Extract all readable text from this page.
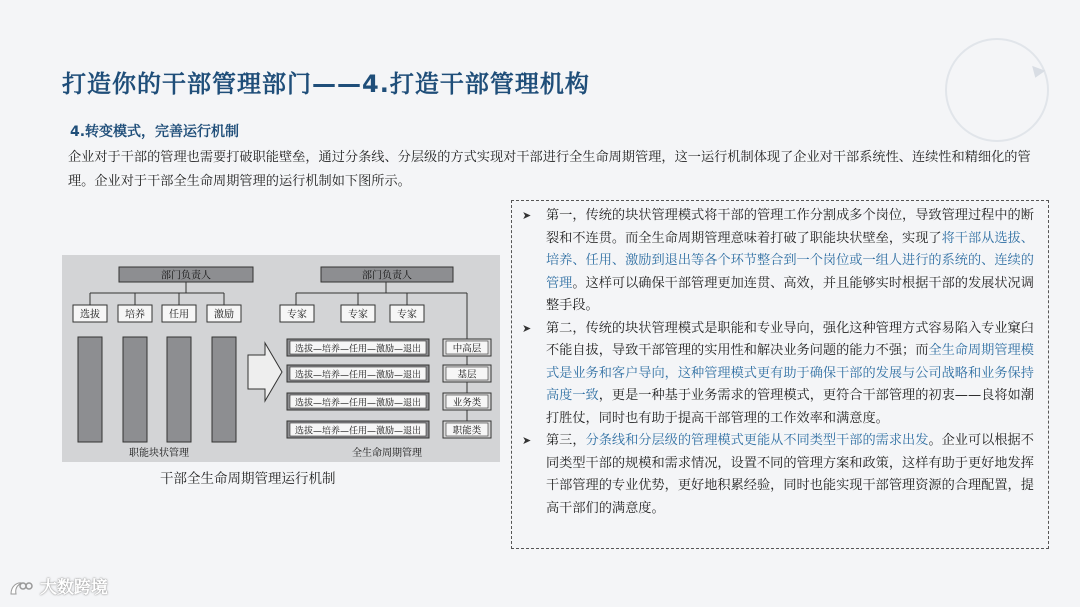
打造你的干部管理部门——4.打造干部管理机构
4.转变模式，完善运行机制
企业对于干部的管理也需要打破职能壁垒，通过分条线、分层级的方式实现对干部进行全生命周期管理，这一运行机制体现了企业对干部系统性、连续性和精细化的管理。企业对于干部全生命周期管理的运行机制如下图所示。
部门负责人
选拔	培养 任用	激励
职能块状管理
部门负责人
专家	专家	专家
选拔—培养—任用—激励—退出
选拔—培养—任用—激励—退出
选拔—培养—任用—激励—退出
选拔—培养—任用—激励—退出
中高层
基层
业务类
职能类
全生命周期管理
干部全生命周期管理运行机制
➤ 第一，传统的块状管理模式将干部的管理工作分割成多个岗位，导致管理过程中的断裂和不连贯。而全生命周期管理意味着打破了职能块状壁垒，实现了将干部从选拔、培养、任用、激励到退出等各个环节整合到一个岗位或一组人进行的系统的、连续的管理。这样可以确保干部管理更加连贯、高效，并且能够实时根据干部的发展状况调整手段。
➤ 第二，传统的块状管理模式是职能和专业导向，强化这种管理方式容易陷入专业窠臼不能自拔，导致干部管理的实用性和解决业务问题的能力不强；而全生命周期管理模式是业务和客户导向，这种管理模式更有助于确保干部的发展与公司战略和业务保持高度一致，更是一种基于业务需求的管理模式，更符合干部管理的初衷——良将如潮打胜仗，同时也有助于提高干部管理的工作效率和满意度。
➤ 第三，分条线和分层级的管理模式更能从不同类型干部的需求出发。企业可以根据不同类型干部的规模和需求情况，设置不同的管理方案和政策，这样有助于更好地发挥干部管理的专业优势，更好地积累经验，同时也能实现干部管理资源的合理配置，提高干部们的满意度。
大数跨境
